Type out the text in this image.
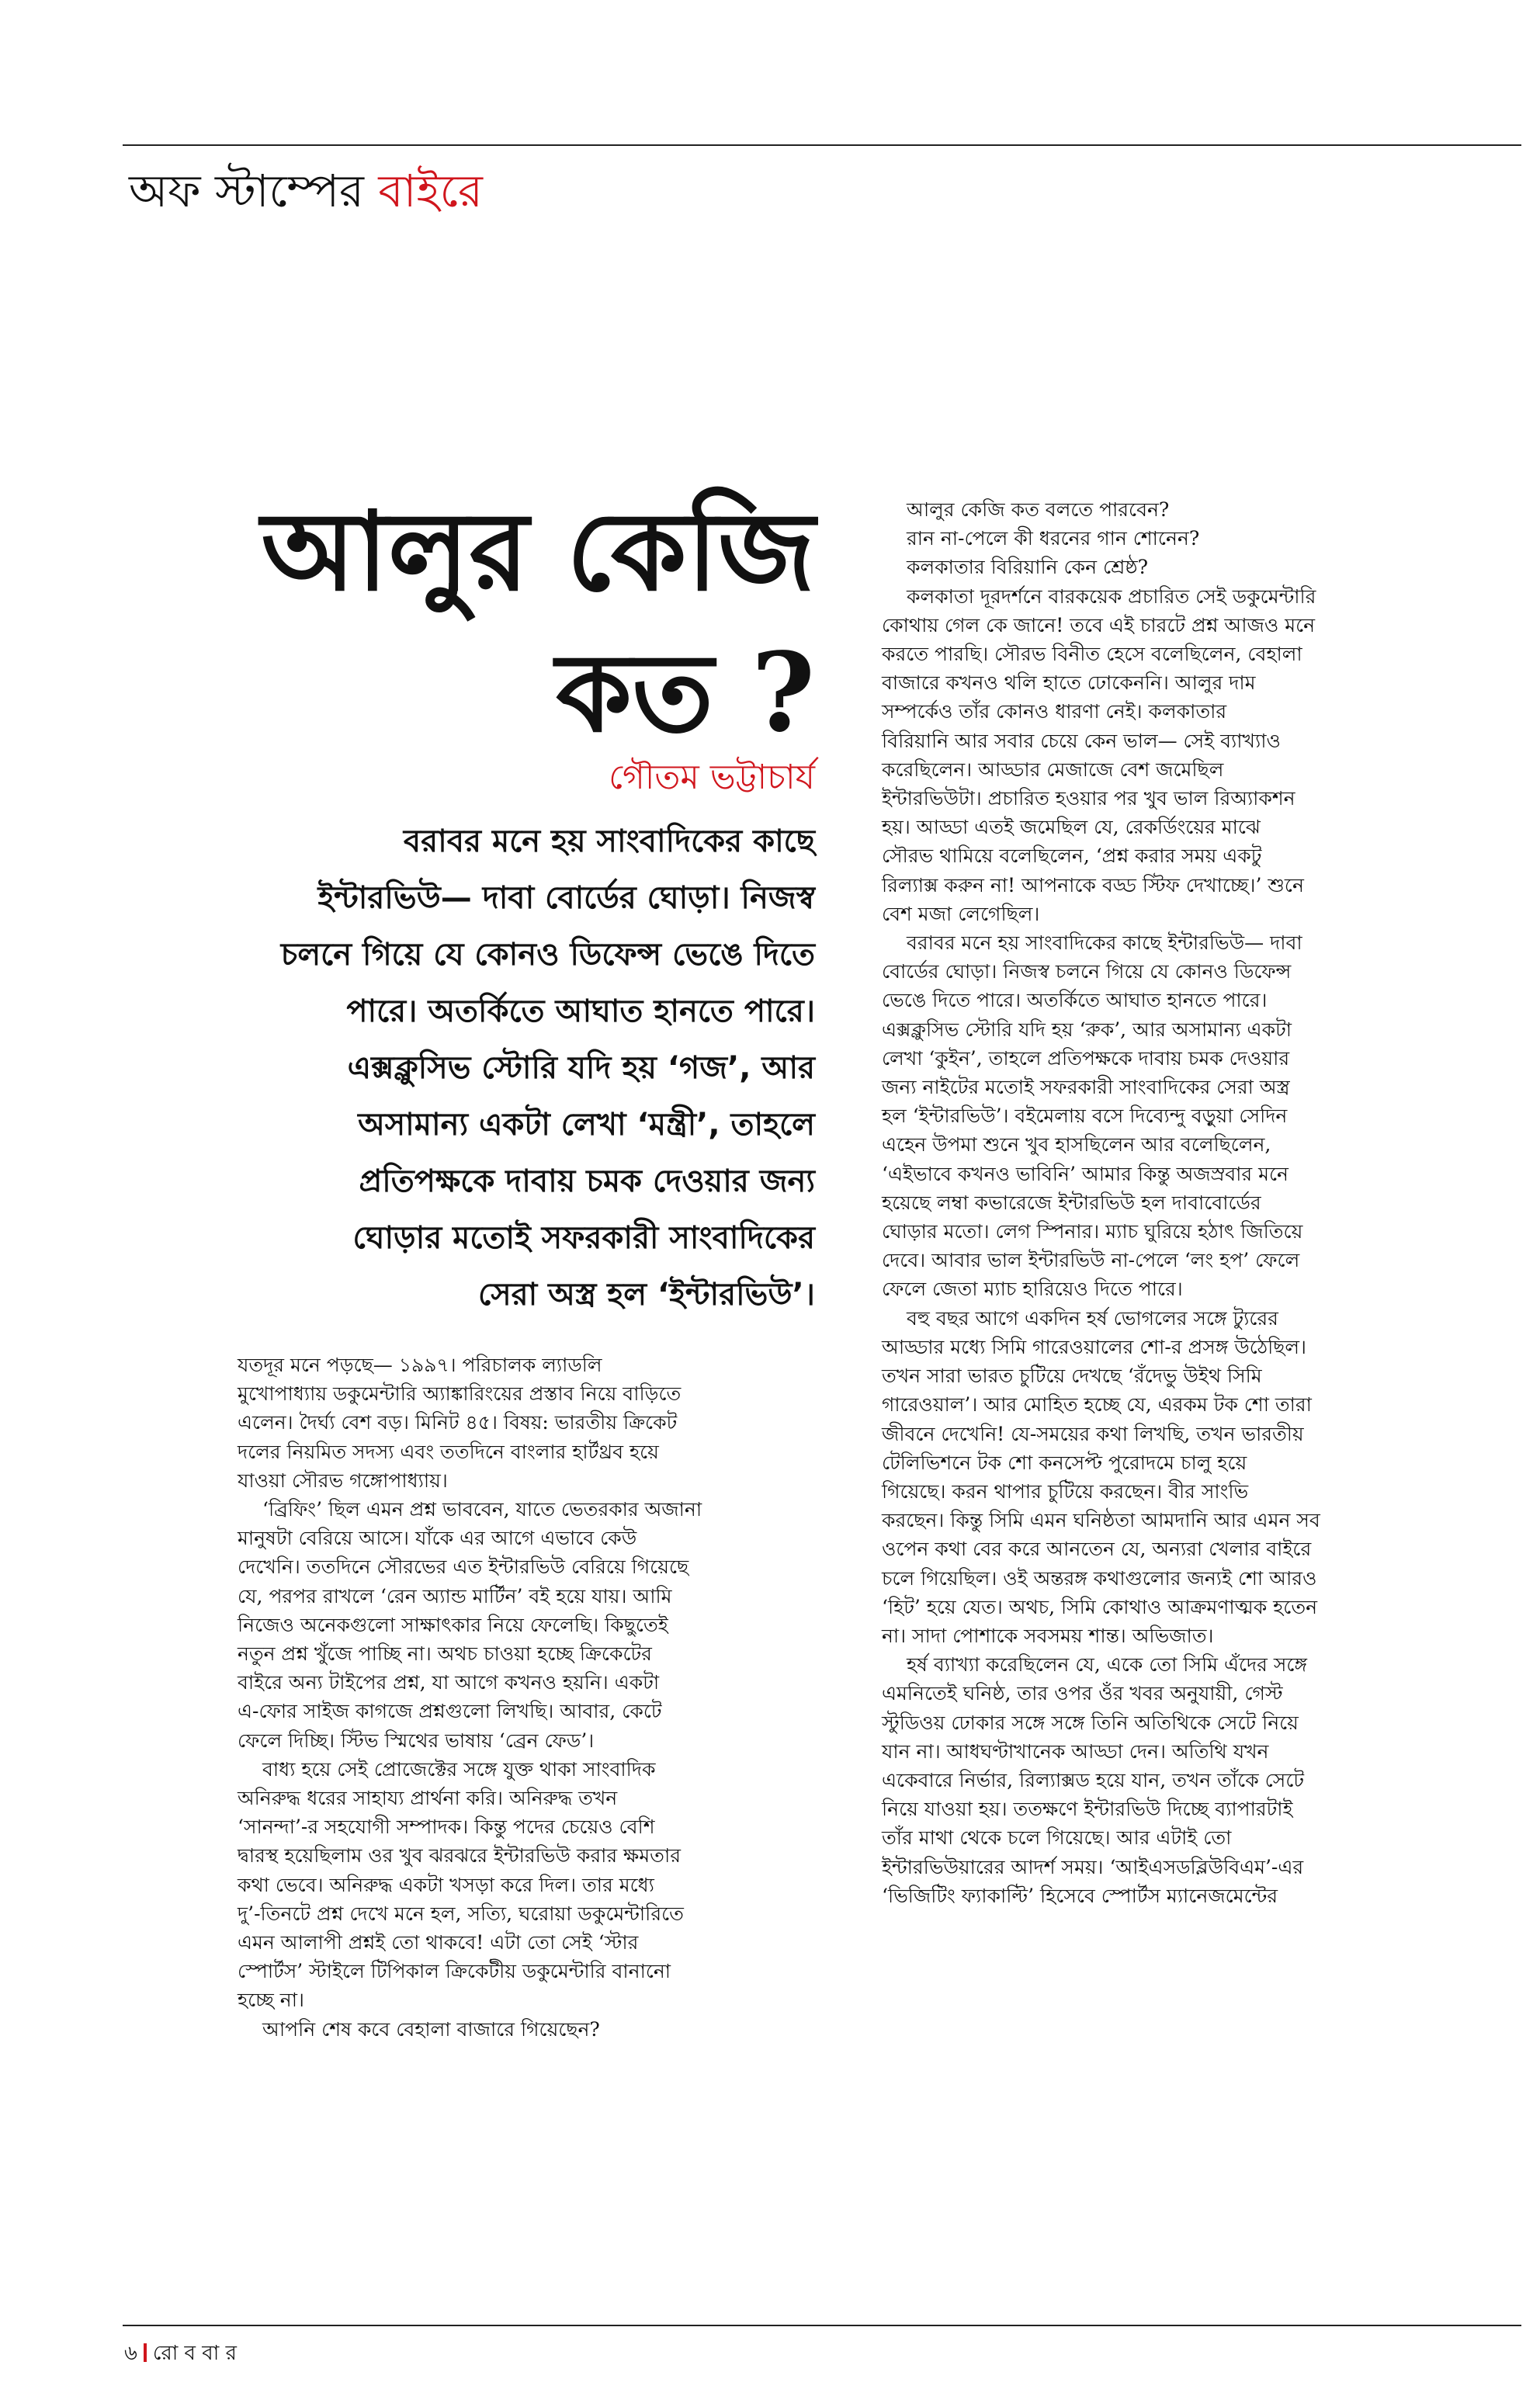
অফ স্টাম্পের বাইরে
আলুর কেজি
কত ?
গৌতম ভট্টাচার্য
বরাবর মনে হয় সাংবাদিকের কাছে
ইন্টারভিউ— দাবা বোর্ডের ঘোড়া। নিজস্ব
চলনে গিয়ে যে কোনও ডিফেন্স ভেঙে দিতে
পারে। অতর্কিতে আঘাত হানতে পারে।
এক্সক্লুসিভ স্টোরি যদি হয় ‘গজ’, আর
অসামান্য একটা লেখা ‘মন্ত্রী’, তাহলে
প্রতিপক্ষকে দাবায় চমক দেওয়ার জন্য
ঘোড়ার মতোই সফরকারী সাংবাদিকের
সেরা অস্ত্র হল ‘ইন্টারভিউ’।
যতদূর মনে পড়ছে— ১৯৯৭। পরিচালক ল্যাডলি
মুখোপাধ্যায় ডকুমেন্টারি অ্যাঙ্কারিংয়ের প্রস্তাব নিয়ে বাড়িতে
এলেন। দৈর্ঘ্য বেশ বড়। মিনিট ৪৫। বিষয়: ভারতীয় ক্রিকেট
দলের নিয়মিত সদস্য এবং ততদিনে বাংলার হার্টথ্রব হয়ে
যাওয়া সৌরভ গঙ্গোপাধ্যায়।
‘ব্রিফিং’ ছিল এমন প্রশ্ন ভাববেন, যাতে ভেতরকার অজানা
মানুষটা বেরিয়ে আসে। যাঁকে এর আগে এভাবে কেউ
দেখেনি। ততদিনে সৌরভের এত ইন্টারভিউ বেরিয়ে গিয়েছে
যে, পরপর রাখলে ‘রেন অ্যান্ড মার্টিন’ বই হয়ে যায়। আমি
নিজেও অনেকগুলো সাক্ষাৎকার নিয়ে ফেলেছি। কিছুতেই
নতুন প্রশ্ন খুঁজে পাচ্ছি না। অথচ চাওয়া হচ্ছে ক্রিকেটের
বাইরে অন্য টাইপের প্রশ্ন, যা আগে কখনও হয়নি। একটা
এ-ফোর সাইজ কাগজে প্রশ্নগুলো লিখছি। আবার, কেটে
ফেলে দিচ্ছি। স্টিভ স্মিথের ভাষায় ‘ব্রেন ফেড’।
বাধ্য হয়ে সেই প্রোজেক্টের সঙ্গে যুক্ত থাকা সাংবাদিক
অনিরুদ্ধ ধরের সাহায্য প্রার্থনা করি। অনিরুদ্ধ তখন
‘সানন্দা’-র সহযোগী সম্পাদক। কিন্তু পদের চেয়েও বেশি
দ্বারস্থ হয়েছিলাম ওর খুব ঝরঝরে ইন্টারভিউ করার ক্ষমতার
কথা ভেবে। অনিরুদ্ধ একটা খসড়া করে দিল। তার মধ্যে
দু’-তিনটে প্রশ্ন দেখে মনে হল, সত্যি, ঘরোয়া ডকুমেন্টারিতে
এমন আলাপী প্রশ্নই তো থাকবে! এটা তো সেই ‘স্টার
স্পোর্টস’ স্টাইলে টিপিকাল ক্রিকেটীয় ডকুমেন্টারি বানানো
হচ্ছে না।
আপনি শেষ কবে বেহালা বাজারে গিয়েছেন?
আলুর কেজি কত বলতে পারবেন?
রান না-পেলে কী ধরনের গান শোনেন?
কলকাতার বিরিয়ানি কেন শ্রেষ্ঠ?
কলকাতা দূরদর্শনে বারকয়েক প্রচারিত সেই ডকুমেন্টারি
কোথায় গেল কে জানে! তবে এই চারটে প্রশ্ন আজও মনে
করতে পারছি। সৌরভ বিনীত হেসে বলেছিলেন, বেহালা
বাজারে কখনও থলি হাতে ঢোকেননি। আলুর দাম
সম্পর্কেও তাঁর কোনও ধারণা নেই। কলকাতার
বিরিয়ানি আর সবার চেয়ে কেন ভাল— সেই ব্যাখ্যাও
করেছিলেন। আড্ডার মেজাজে বেশ জমেছিল
ইন্টারভিউটা। প্রচারিত হওয়ার পর খুব ভাল রিঅ্যাকশন
হয়। আড্ডা এতই জমেছিল যে, রেকর্ডিংয়ের মাঝে
সৌরভ থামিয়ে বলেছিলেন, ‘প্রশ্ন করার সময় একটু
রিল্যাক্স করুন না! আপনাকে বড্ড স্টিফ দেখাচ্ছে।’ শুনে
বেশ মজা লেগেছিল।
বরাবর মনে হয় সাংবাদিকের কাছে ইন্টারভিউ— দাবা
বোর্ডের ঘোড়া। নিজস্ব চলনে গিয়ে যে কোনও ডিফেন্স
ভেঙে দিতে পারে। অতর্কিতে আঘাত হানতে পারে।
এক্সক্লুসিভ স্টোরি যদি হয় ‘রুক’, আর অসামান্য একটা
লেখা ‘কুইন’, তাহলে প্রতিপক্ষকে দাবায় চমক দেওয়ার
জন্য নাইটের মতোই সফরকারী সাংবাদিকের সেরা অস্ত্র
হল ‘ইন্টারভিউ’। বইমেলায় বসে দিব্যেন্দু বড়ুয়া সেদিন
এহেন উপমা শুনে খুব হাসছিলেন আর বলেছিলেন,
‘এইভাবে কখনও ভাবিনি’ আমার কিন্তু অজস্রবার মনে
হয়েছে লম্বা কভারেজে ইন্টারভিউ হল দাবাবোর্ডের
ঘোড়ার মতো। লেগ স্পিনার। ম্যাচ ঘুরিয়ে হঠাৎ জিতিয়ে
দেবে। আবার ভাল ইন্টারভিউ না-পেলে ‘লং হপ’ ফেলে
ফেলে জেতা ম্যাচ হারিয়েও দিতে পারে।
বহু বছর আগে একদিন হর্ষ ভোগলের সঙ্গে ট্যুরের
আড্ডার মধ্যে সিমি গারেওয়ালের শো-র প্রসঙ্গ উঠেছিল।
তখন সারা ভারত চুটিয়ে দেখছে ‘রঁদেভু উইথ সিমি
গারেওয়াল’। আর মোহিত হচ্ছে যে, এরকম টক শো তারা
জীবনে দেখেনি! যে-সময়ের কথা লিখছি, তখন ভারতীয়
টেলিভিশনে টক শো কনসেপ্ট পুরোদমে চালু হয়ে
গিয়েছে। করন থাপার চুটিয়ে করছেন। বীর সাংভি
করছেন। কিন্তু সিমি এমন ঘনিষ্ঠতা আমদানি আর এমন সব
ওপেন কথা বের করে আনতেন যে, অন্যরা খেলার বাইরে
চলে গিয়েছিল। ওই অন্তরঙ্গ কথাগুলোর জন্যই শো আরও
‘হিট’ হয়ে যেত। অথচ, সিমি কোথাও আক্রমণাত্মক হতেন
না। সাদা পোশাকে সবসময় শান্ত। অভিজাত।
হর্ষ ব্যাখ্যা করেছিলেন যে, একে তো সিমি এঁদের সঙ্গে
এমনিতেই ঘনিষ্ঠ, তার ওপর ওঁর খবর অনুযায়ী, গেস্ট
স্টুডিওয় ঢোকার সঙ্গে সঙ্গে তিনি অতিথিকে সেটে নিয়ে
যান না। আধঘণ্টাখানেক আড্ডা দেন। অতিথি যখন
একেবারে নির্ভার, রিল্যাক্সড হয়ে যান, তখন তাঁকে সেটে
নিয়ে যাওয়া হয়। ততক্ষণে ইন্টারভিউ দিচ্ছে ব্যাপারটাই
তাঁর মাথা থেকে চলে গিয়েছে। আর এটাই তো
ইন্টারভিউয়ারের আদর্শ সময়। ‘আইএসডব্লিউবিএম’-এর
‘ভিজিটিং ফ্যাকাল্টি’ হিসেবে স্পোর্টস ম্যানেজমেন্টের
৬ রো ব বা র
